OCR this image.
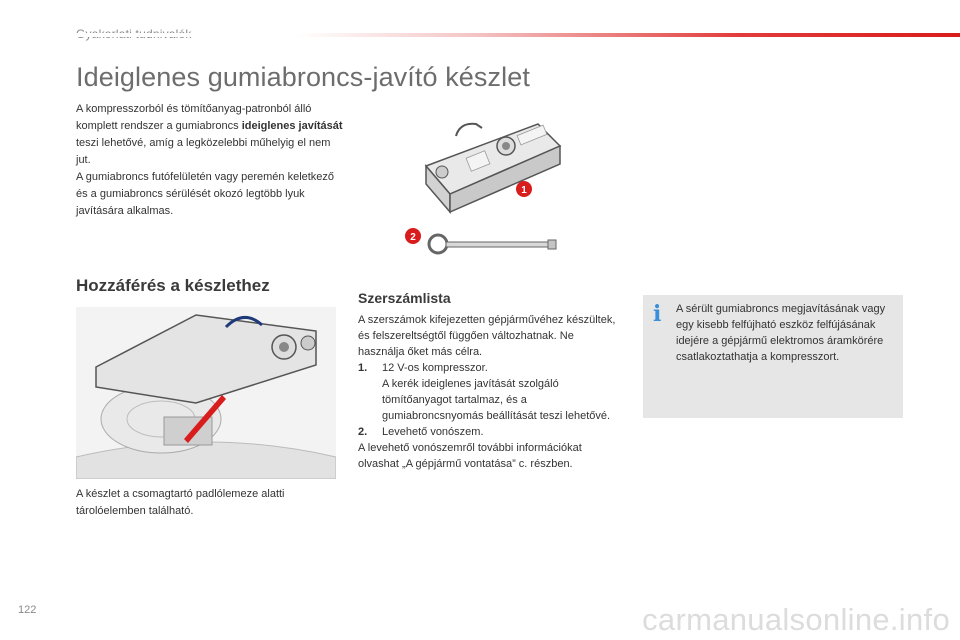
Ideiglenes gumiabroncs-javító készlet

A kompresszorból és tömítőanyag-patronból álló komplett rendszer a gumiabroncs ideiglenes javítását teszi lehetővé, amíg a legközelebbi műhelyig el nem jut.

A gumiabroncs futófelületén vagy peremén keletkező és a gumiabroncs sérülését okozó legtöbb lyuk javítására alkalmas.

1
2
Hozzáférés a készlethez
A készlet a csomagtartó padlólemeze alatti tárolóelemben található.
Szerszámlista

A szerszámok kifejezetten gépjárművéhez készültek, és felszereltségtől függően változhatnak. Ne használja őket más célra.

1.	12 V-os kompresszor.

A kerék ideiglenes javítását szolgáló tömítőanyagot tartalmaz, és a gumiabroncsnyomás beállítását teszi lehetővé.

2.	Levehető vonószem.

A levehető vonószemről további információkat olvashat „A gépjármű vontatása” c. részben.

i A sérült gumiabroncs megjavításának vagy egy kisebb felfújható eszköz felfújásának idejére a gépjármű elektromos áramkörére csatlakoztathatja a kompresszort.
122	carmanualsonline.info
